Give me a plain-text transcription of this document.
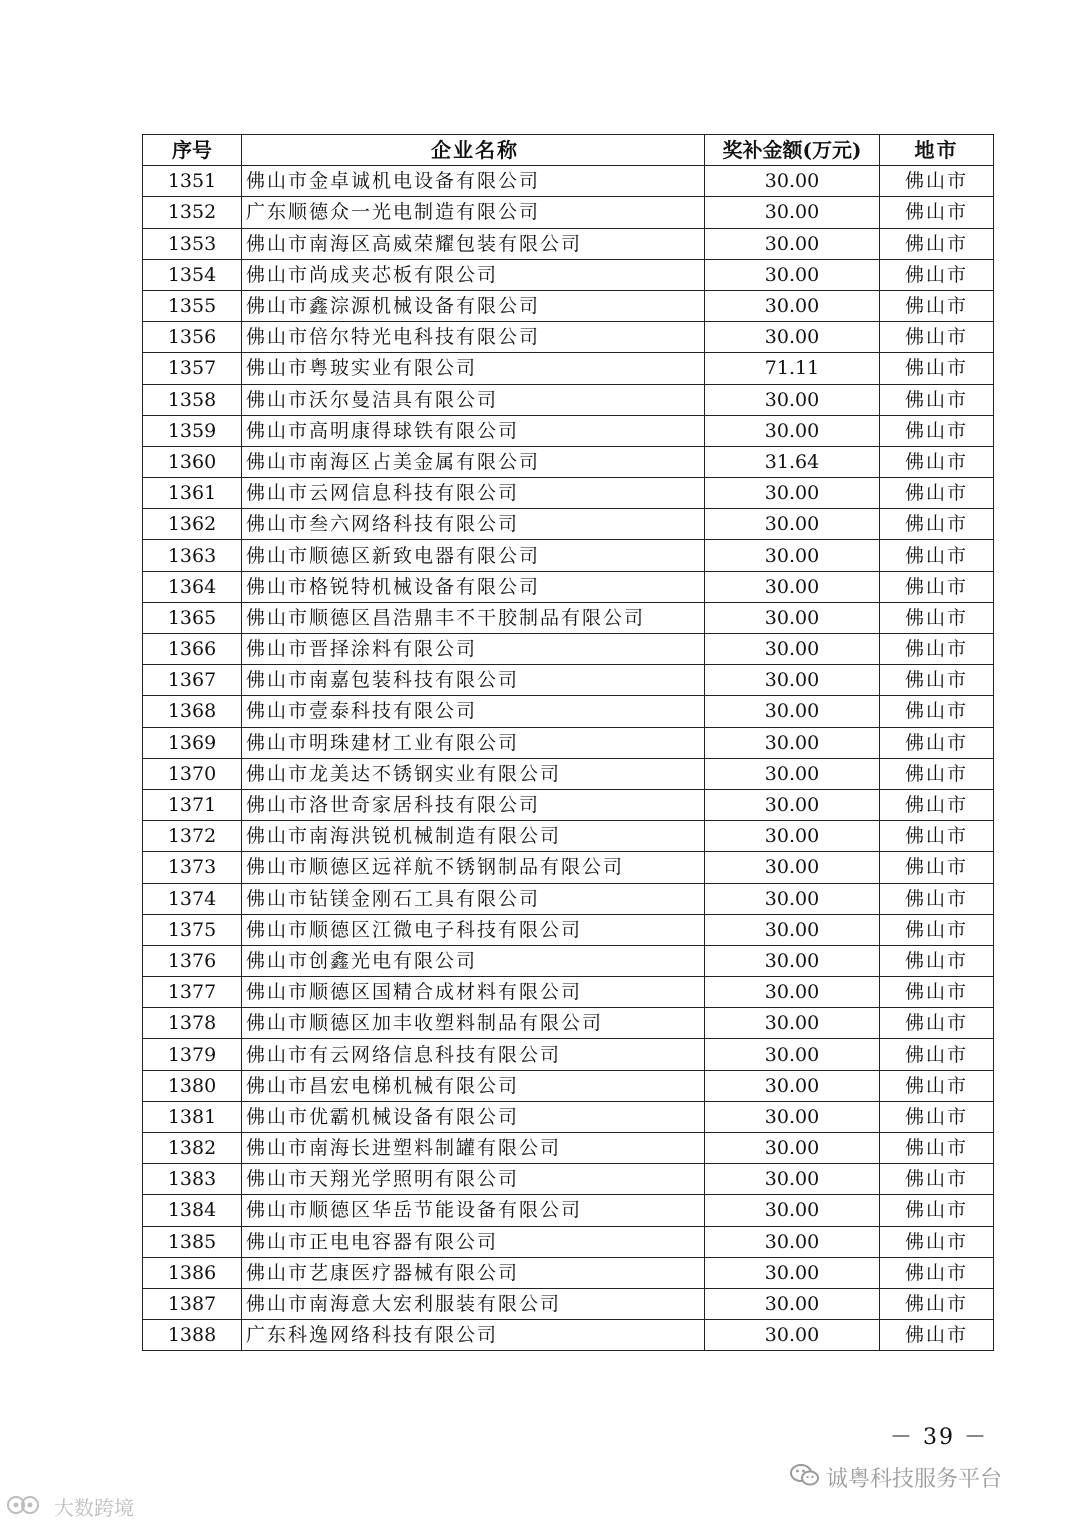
序号	企业名称	奖补金额(万元)	地市
1351	佛山市金卓诚机电设备有限公司	30.00	佛山市
1352	广东顺德众一光电制造有限公司	30.00	佛山市
1353	佛山市南海区高威荣耀包装有限公司	30.00	佛山市
1354	佛山市尚成夹芯板有限公司	30.00	佛山市
1355	佛山市鑫淙源机械设备有限公司	30.00	佛山市
1356	佛山市倍尔特光电科技有限公司	30.00	佛山市
1357	佛山市粤玻实业有限公司	71.11	佛山市
1358	佛山市沃尔曼洁具有限公司	30.00	佛山市
1359	佛山市高明康得球铁有限公司	30.00	佛山市
1360	佛山市南海区占美金属有限公司	31.64	佛山市
1361	佛山市云网信息科技有限公司	30.00	佛山市
1362	佛山市叁六网络科技有限公司	30.00	佛山市
1363	佛山市顺德区新致电器有限公司	30.00	佛山市
1364	佛山市格锐特机械设备有限公司	30.00	佛山市
1365	佛山市顺德区昌浩鼎丰不干胶制品有限公司	30.00	佛山市
1366	佛山市晋择涂料有限公司	30.00	佛山市
1367	佛山市南嘉包装科技有限公司	30.00	佛山市
1368	佛山市壹泰科技有限公司	30.00	佛山市
1369	佛山市明珠建材工业有限公司	30.00	佛山市
1370	佛山市龙美达不锈钢实业有限公司	30.00	佛山市
1371	佛山市洛世奇家居科技有限公司	30.00	佛山市
1372	佛山市南海洪锐机械制造有限公司	30.00	佛山市
1373	佛山市顺德区远祥航不锈钢制品有限公司	30.00	佛山市
1374	佛山市钻镁金刚石工具有限公司	30.00	佛山市
1375	佛山市顺德区江微电子科技有限公司	30.00	佛山市
1376	佛山市创鑫光电有限公司	30.00	佛山市
1377	佛山市顺德区国精合成材料有限公司	30.00	佛山市
1378	佛山市顺德区加丰收塑料制品有限公司	30.00	佛山市
1379	佛山市有云网络信息科技有限公司	30.00	佛山市
1380	佛山市昌宏电梯机械有限公司	30.00	佛山市
1381	佛山市优霸机械设备有限公司	30.00	佛山市
1382	佛山市南海长进塑料制罐有限公司	30.00	佛山市
1383	佛山市天翔光学照明有限公司	30.00	佛山市
1384	佛山市顺德区华岳节能设备有限公司	30.00	佛山市
1385	佛山市正电电容器有限公司	30.00	佛山市
1386	佛山市艺康医疗器械有限公司	30.00	佛山市
1387	佛山市南海意大宏利服装有限公司	30.00	佛山市
1388	广东科逸网络科技有限公司	30.00	佛山市
－ 39 －
诚粤科技服务平台
大数跨境
